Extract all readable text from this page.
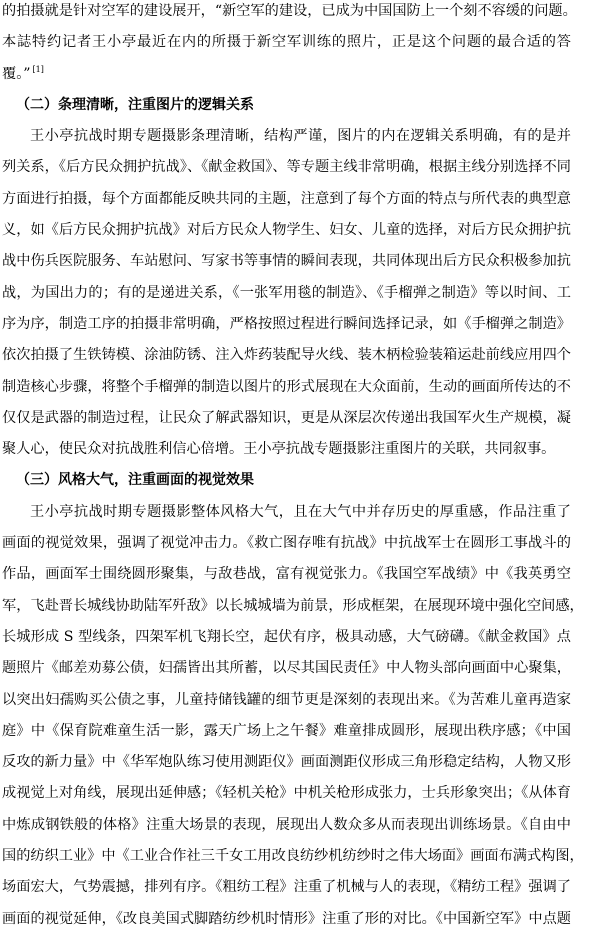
的拍摄就是针对空军的建设展开，“新空军的建设，已成为中国国防上一个刻不容缓的问题。
本誌特约记者王小亭最近在内的所摄于新空军训练的照片，正是这个问题的最合适的答
覆。” [1]
（二）条理清晰，注重图片的逻辑关系
王小亭抗战时期专题摄影条理清晰，结构严谨，图片的内在逻辑关系明确，有的是并
列关系，《后方民众拥护抗战》、《献金救国》、等专题主线非常明确，根据主线分别选择不同
方面进行拍摄，每个方面都能反映共同的主题，注意到了每个方面的特点与所代表的典型意
义，如《后方民众拥护抗战》对后方民众人物学生、妇女、儿童的选择，对后方民众拥护抗
战中伤兵医院服务、车站慰问、写家书等事情的瞬间表现，共同体现出后方民众积极参加抗
战，为国出力的；有的是递进关系，《一张军用毯的制造》、《手榴弹之制造》等以时间、工
序为序，制造工序的拍摄非常明确，严格按照过程进行瞬间选择记录，如《手榴弹之制造》
依次拍摄了生铁铸模、涂油防锈、注入炸药装配导火线、装木柄检验装箱运赴前线应用四个
制造核心步骤，将整个手榴弹的制造以图片的形式展现在大众面前，生动的画面所传达的不
仅仅是武器的制造过程，让民众了解武器知识，更是从深层次传递出我国军火生产规模，凝
聚人心，使民众对抗战胜利信心倍增。王小亭抗战专题摄影注重图片的关联，共同叙事。
（三）风格大气，注重画面的视觉效果
王小亭抗战时期专题摄影整体风格大气，且在大气中并存历史的厚重感，作品注重了
画面的视觉效果，强调了视觉冲击力。《救亡图存唯有抗战》中抗战军士在圆形工事战斗的
作品，画面军士围绕圆形聚集，与敌巷战，富有视觉张力。《我国空军战绩》中《我英勇空
军，飞赴晋长城线协助陆军歼敌》以长城城墙为前景，形成框架，在展现环境中强化空间感，
长城形成 S 型线条，四架军机飞翔长空，起伏有序，极具动感，大气磅礴。《献金救国》点
题照片《邮差劝募公债，妇孺皆出其所蓄，以尽其国民责任》中人物头部向画面中心聚集，
以突出妇孺购买公债之事，儿童持储钱罐的细节更是深刻的表现出来。《为苦难儿童再造家
庭》中《保育院难童生活一影，露天广场上之午餐》难童排成圆形，展现出秩序感；《中国
反攻的新力量》中《华军炮队练习使用测距仪》画面测距仪形成三角形稳定结构，人物又形
成视觉上对角线，展现出延伸感；《轻机关枪》中机关枪形成张力，士兵形象突出；《从体育
中炼成钢铁般的体格》注重大场景的表现，展现出人数众多从而表现出训练场景。《自由中
国的纺织工业》中《工业合作社三千女工用改良纺纱机纺纱时之伟大场面》画面布满式构图，
场面宏大，气势震撼，排列有序。《粗纺工程》注重了机械与人的表现，《精纺工程》强调了
画面的视觉延伸，《改良美国式脚踏纺纱机时情形》注重了形的对比。《中国新空军》中点题
